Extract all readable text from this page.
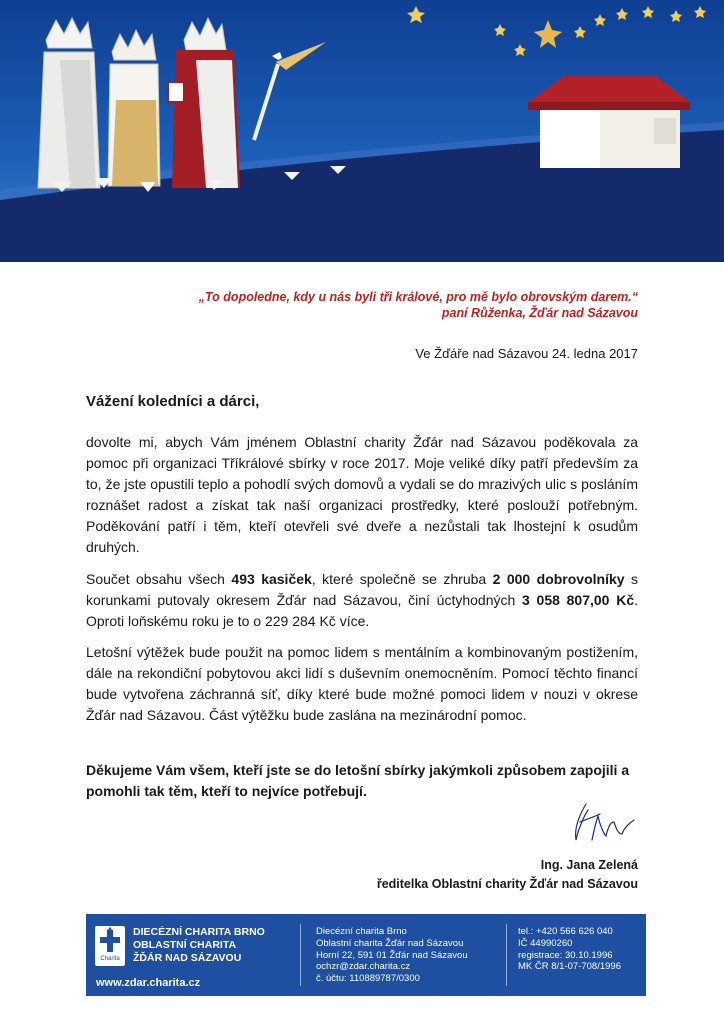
„To dopoledne, kdy u nás byli tři králové, pro mě bylo obrovským darem.“
paní Růženka, Žďár nad Sázavou
Ve Žďáře nad Sázavou 24. ledna 2017
Vážení koledníci a dárci,
dovolte mi, abych Vám jménem Oblastní charity Žďár nad Sázavou poděkovala za pomoc při organizaci Tříkrálové sbírky v roce 2017. Moje veliké díky patří především za to, že jste opustili teplo a pohodlí svých domovů a vydali se do mrazivých ulic s posláním roznášet radost a získat tak naší organizaci prostředky, které poslouží potřebným. Poděkování patří i těm, kteří otevřeli své dveře a nezůstali tak lhostejní k osudům druhých.
Součet obsahu všech 493 kasiček, které společně se zhruba 2 000 dobrovolníky s korunkami putovaly okresem Žďár nad Sázavou, činí úctyhodných 3 058 807,00 Kč. Oproti loňskému roku je to o 229 284 Kč více.
Letošní výtěžek bude použit na pomoc lidem s mentálním a kombinovaným postižením, dále na rekondiční pobytovou akci lidí s duševním onemocněním. Pomocí těchto financí bude vytvořena záchranná síť, díky které bude možné pomoci lidem v nouzi v okrese Žďár nad Sázavou. Část výtěžku bude zaslána na mezinárodní pomoc.
Děkujeme Vám všem, kteří jste se do letošní sbírky jakýmkoli způsobem zapojili a pomohli tak těm, kteří to nejvíce potřebují.
Ing. Jana Zelená
ředitelka Oblastní charity Žďár nad Sázavou
Charita
DIECÉZNÍ CHARITA BRNO
OBLASTNÍ CHARITA
ŽĎÁR NAD SÁZAVOU
www.zdar.charita.cz
Diecézní charita Brno
Oblastní charita Žďár nad Sázavou
Horní 22, 591 01 Žďár nad Sázavou
ochzr@zdar.charita.cz
č. účtu: 110889787/0300
tel.: +420 566 626 040
IČ 44990260
registrace: 30.10.1996
MK ČR 8/1-07-708/1996
